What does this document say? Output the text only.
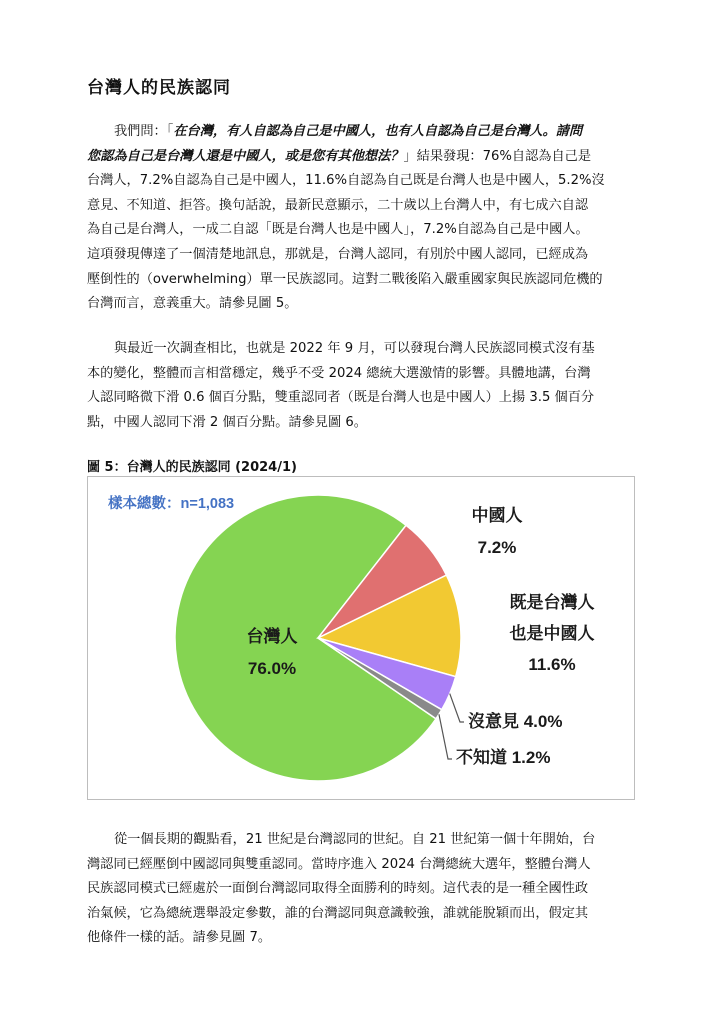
台灣人的民族認同
我們問：「在台灣，有人自認為自己是中國人，也有人自認為自己是台灣人。請問
您認為自己是台灣人還是中國人，或是您有其他想法？」結果發現：76%自認為自己是
台灣人，7.2%自認為自己是中國人，11.6%自認為自己既是台灣人也是中國人，5.2%沒
意見、不知道、拒答。換句話說，最新民意顯示，二十歲以上台灣人中，有七成六自認
為自己是台灣人，一成二自認「既是台灣人也是中國人」，7.2%自認為自己是中國人。
這項發現傳達了一個清楚地訊息，那就是，台灣人認同，有別於中國人認同，已經成為
壓倒性的（overwhelming）單一民族認同。這對二戰後陷入嚴重國家與民族認同危機的
台灣而言，意義重大。請參見圖 5。
與最近一次調查相比，也就是 2022 年 9 月，可以發現台灣人民族認同模式沒有基
本的變化，整體而言相當穩定，幾乎不受 2024 總統大選激情的影響。具體地講，台灣
人認同略微下滑 0.6 個百分點，雙重認同者（既是台灣人也是中國人）上揚 3.5 個百分
點，中國人認同下滑 2 個百分點。請參見圖 6。
圖 5：台灣人的民族認同 (2024/1)
樣本總數：n=1,083
台灣人
76.0%
中國人
7.2%
既是台灣人
也是中國人
11.6%
沒意見 4.0%
不知道 1.2%
從一個長期的觀點看，21 世紀是台灣認同的世紀。自 21 世紀第一個十年開始，台
灣認同已經壓倒中國認同與雙重認同。當時序進入 2024 台灣總統大選年，整體台灣人
民族認同模式已經處於一面倒台灣認同取得全面勝利的時刻。這代表的是一種全國性政
治氣候，它為總統選舉設定參數，誰的台灣認同與意識較強，誰就能脫穎而出，假定其
他條件一樣的話。請參見圖 7。
